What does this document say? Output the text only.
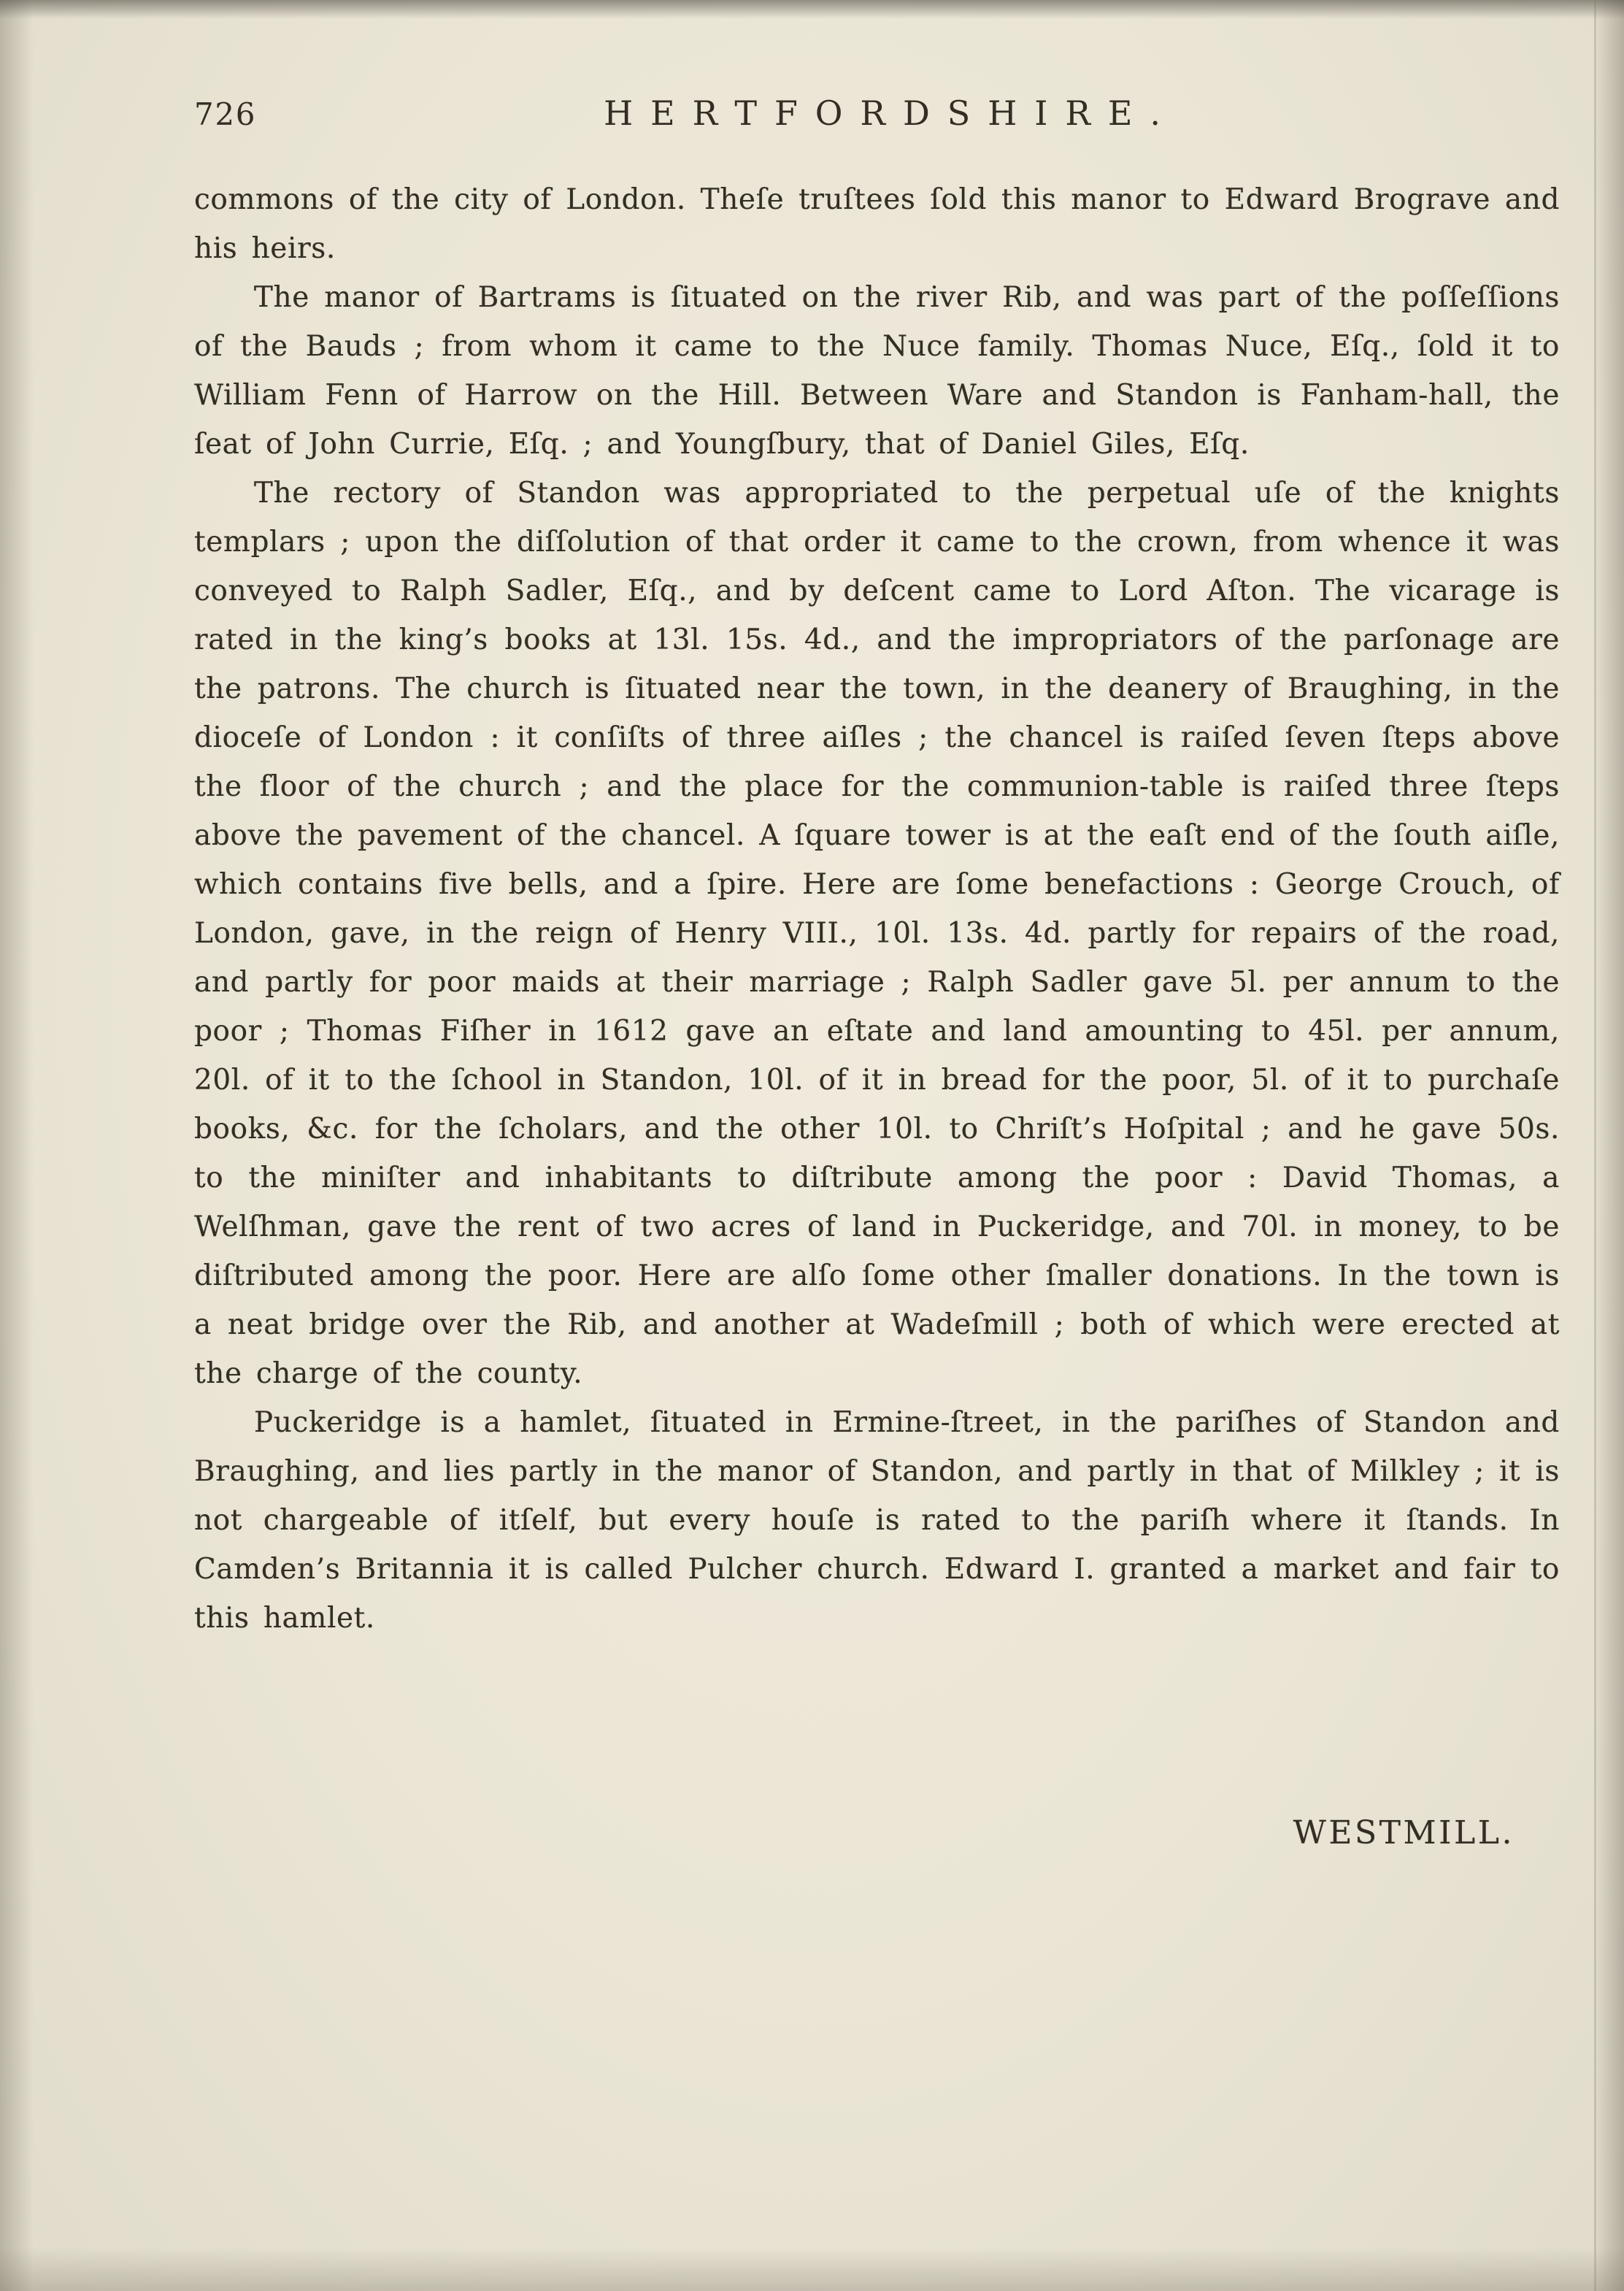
726	HERTFORDSHIRE.

commons of the city of London. Theſe truſtees ſold this manor to Edward Brograve and his heirs.

The manor of Bartrams is ſituated on the river Rib, and was part of the poſſeſſions of the Bauds ; from whom it came to the Nuce family. Thomas Nuce, Eſq., ſold it to William Fenn of Harrow on the Hill. Between Ware and Standon is Fanham-hall, the ſeat of John Currie, Eſq. ; and Youngſbury, that of Daniel Giles, Eſq.

The rectory of Standon was appropriated to the perpetual uſe of the knights templars ; upon the diſſolution of that order it came to the crown, from whence it was conveyed to Ralph Sadler, Eſq., and by deſcent came to Lord Aſton. The vicarage is rated in the king’s books at 13l. 15s. 4d., and the impropriators of the parſonage are the patrons. The church is ſituated near the town, in the deanery of Braughing, in the dioceſe of London : it conſiſts of three aiſles ; the chancel is raiſed ſeven ſteps above the floor of the church ; and the place for the communion-table is raiſed three ſteps above the pavement of the chancel. A ſquare tower is at the eaſt end of the ſouth aiſle, which contains five bells, and a ſpire. Here are ſome benefactions : George Crouch, of London, gave, in the reign of Henry VIII., 10l. 13s. 4d. partly for repairs of the road, and partly for poor maids at their marriage ; Ralph Sadler gave 5l. per annum to the poor ; Thomas Fiſher in 1612 gave an eſtate and land amounting to 45l. per annum, 20l. of it to the ſchool in Standon, 10l. of it in bread for the poor, 5l. of it to purchaſe books, &c. for the ſcholars, and the other 10l. to Chriſt’s Hoſpital ; and he gave 50s. to the miniſter and inhabitants to diſtribute among the poor : David Thomas, a Welſhman, gave the rent of two acres of land in Puckeridge, and 70l. in money, to be diſtributed among the poor. Here are alſo ſome other ſmaller donations. In the town is a neat bridge over the Rib, and another at Wadeſmill ; both of which were erected at the charge of the county.

Puckeridge is a hamlet, ſituated in Ermine-ſtreet, in the pariſhes of Standon and Braughing, and lies partly in the manor of Standon, and partly in that of Milkley ; it is not chargeable of itſelf, but every houſe is rated to the pariſh where it ſtands. In Camden’s Britannia it is called Pulcher church. Edward I. granted a market and fair to this hamlet.

WESTMILL.
